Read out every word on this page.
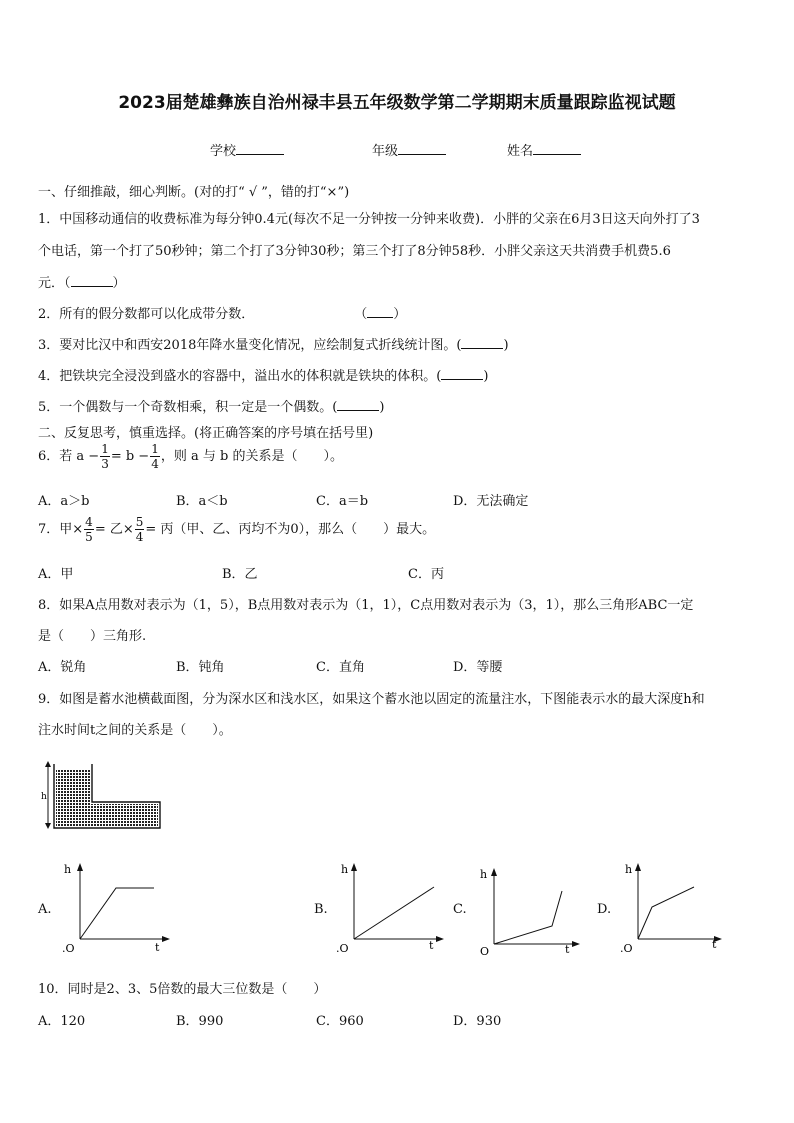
2023届楚雄彝族自治州禄丰县五年级数学第二学期期末质量跟踪监视试题
学校	年级	姓名
一、仔细推敲，细心判断。(对的打“ √ ”，错的打“×”)
1．中国移动通信的收费标准为每分钟0.4元(每次不足一分钟按一分钟来收费)．小胖的父亲在6月3日这天向外打了3
个电话，第一个打了50秒钟；第二个打了3分钟30秒；第三个打了8分钟58秒．小胖父亲这天共消费手机费5.6
元．（	）
2．所有的假分数都可以化成带分数．	（ ）
3．要对比汉中和西安2018年降水量变化情况，应绘制复式折线统计图。(	)
4．把铁块完全浸没到盛水的容器中，溢出水的体积就是铁块的体积。(	)
5．一个偶数与一个奇数相乘，积一定是一个偶数。(	)
二、反复思考，慎重选择。(将正确答案的序号填在括号里)
6．若 $a - \frac{1}{3} = b - \frac{1}{4}$ ，则 a 与 b 的关系是（　　）。
A．a＞b	B．a＜b	C．a＝b	D．无法确定
7．甲× $\frac{4}{5}$ = 乙× $\frac{5}{4}$ = 丙（甲、乙、丙均不为0），那么（　　）最大。
A．甲	B．乙	C．丙
8．如果A点用数对表示为（1，5），B点用数对表示为（1，1），C点用数对表示为（3，1），那么三角形ABC一定
是（　　）三角形.
A．锐角	B．钝角	C．直角	D．等腰
9．如图是蓄水池横截面图，分为深水区和浅水区，如果这个蓄水池以固定的流量注水，下图能表示水的最大深度h和
注水时间t之间的关系是（　　）。
h
A.
h
t
.O
B.
h
t
.O
C.
h
t
O
D.
h
t
.O
10．同时是2、3、5倍数的最大三位数是（　　）
A．120	B．990	C．960	D．930
